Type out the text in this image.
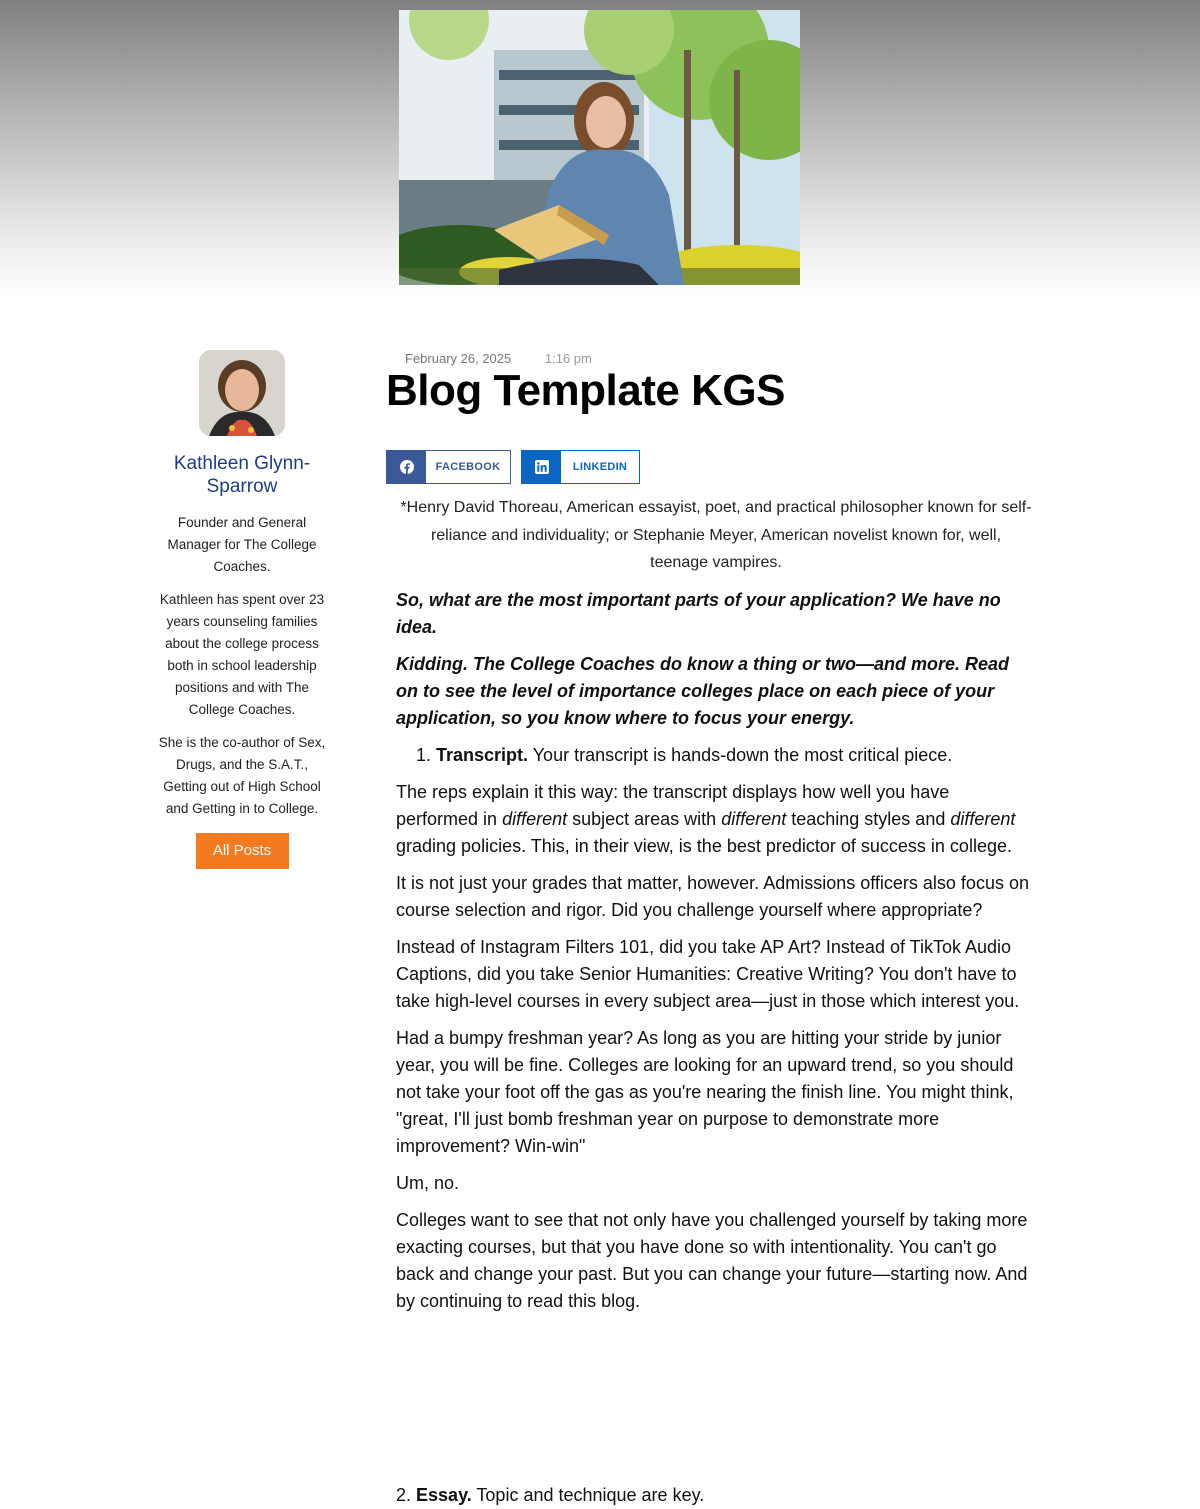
Kathleen Glynn-Sparrow

Founder and General Manager for The College Coaches.

Kathleen has spent over 23 years counseling families about the college process both in school leadership positions and with The College Coaches.

She is the co-author of Sex, Drugs, and the S.A.T., Getting out of High School and Getting in to College.

All Posts
February 26, 2025	1:16 pm
Blog Template KGS
FACEBOOK	LINKEDIN

*Henry David Thoreau, American essayist, poet, and practical philosopher known for self-reliance and individuality; or Stephanie Meyer, American novelist known for, well, teenage vampires.

So, what are the most important parts of your application? We have no idea.

Kidding. The College Coaches do know a thing or two—and more. Read on to see the level of importance colleges place on each piece of your application, so you know where to focus your energy.

1. Transcript. Your transcript is hands-down the most critical piece.

The reps explain it this way: the transcript displays how well you have performed in different subject areas with different teaching styles and different grading policies. This, in their view, is the best predictor of success in college.

It is not just your grades that matter, however. Admissions officers also focus on course selection and rigor. Did you challenge yourself where appropriate?

Instead of Instagram Filters 101, did you take AP Art? Instead of TikTok Audio Captions, did you take Senior Humanities: Creative Writing? You don't have to take high-level courses in every subject area—just in those which interest you.

Had a bumpy freshman year? As long as you are hitting your stride by junior year, you will be fine. Colleges are looking for an upward trend, so you should not take your foot off the gas as you're nearing the finish line. You might think, "great, I'll just bomb freshman year on purpose to demonstrate more improvement? Win-win"

Um, no.

Colleges want to see that not only have you challenged yourself by taking more exacting courses, but that you have done so with intentionality. You can't go back and change your past. But you can change your future—starting now. And by continuing to read this blog.

2. Essay. Topic and technique are key.
